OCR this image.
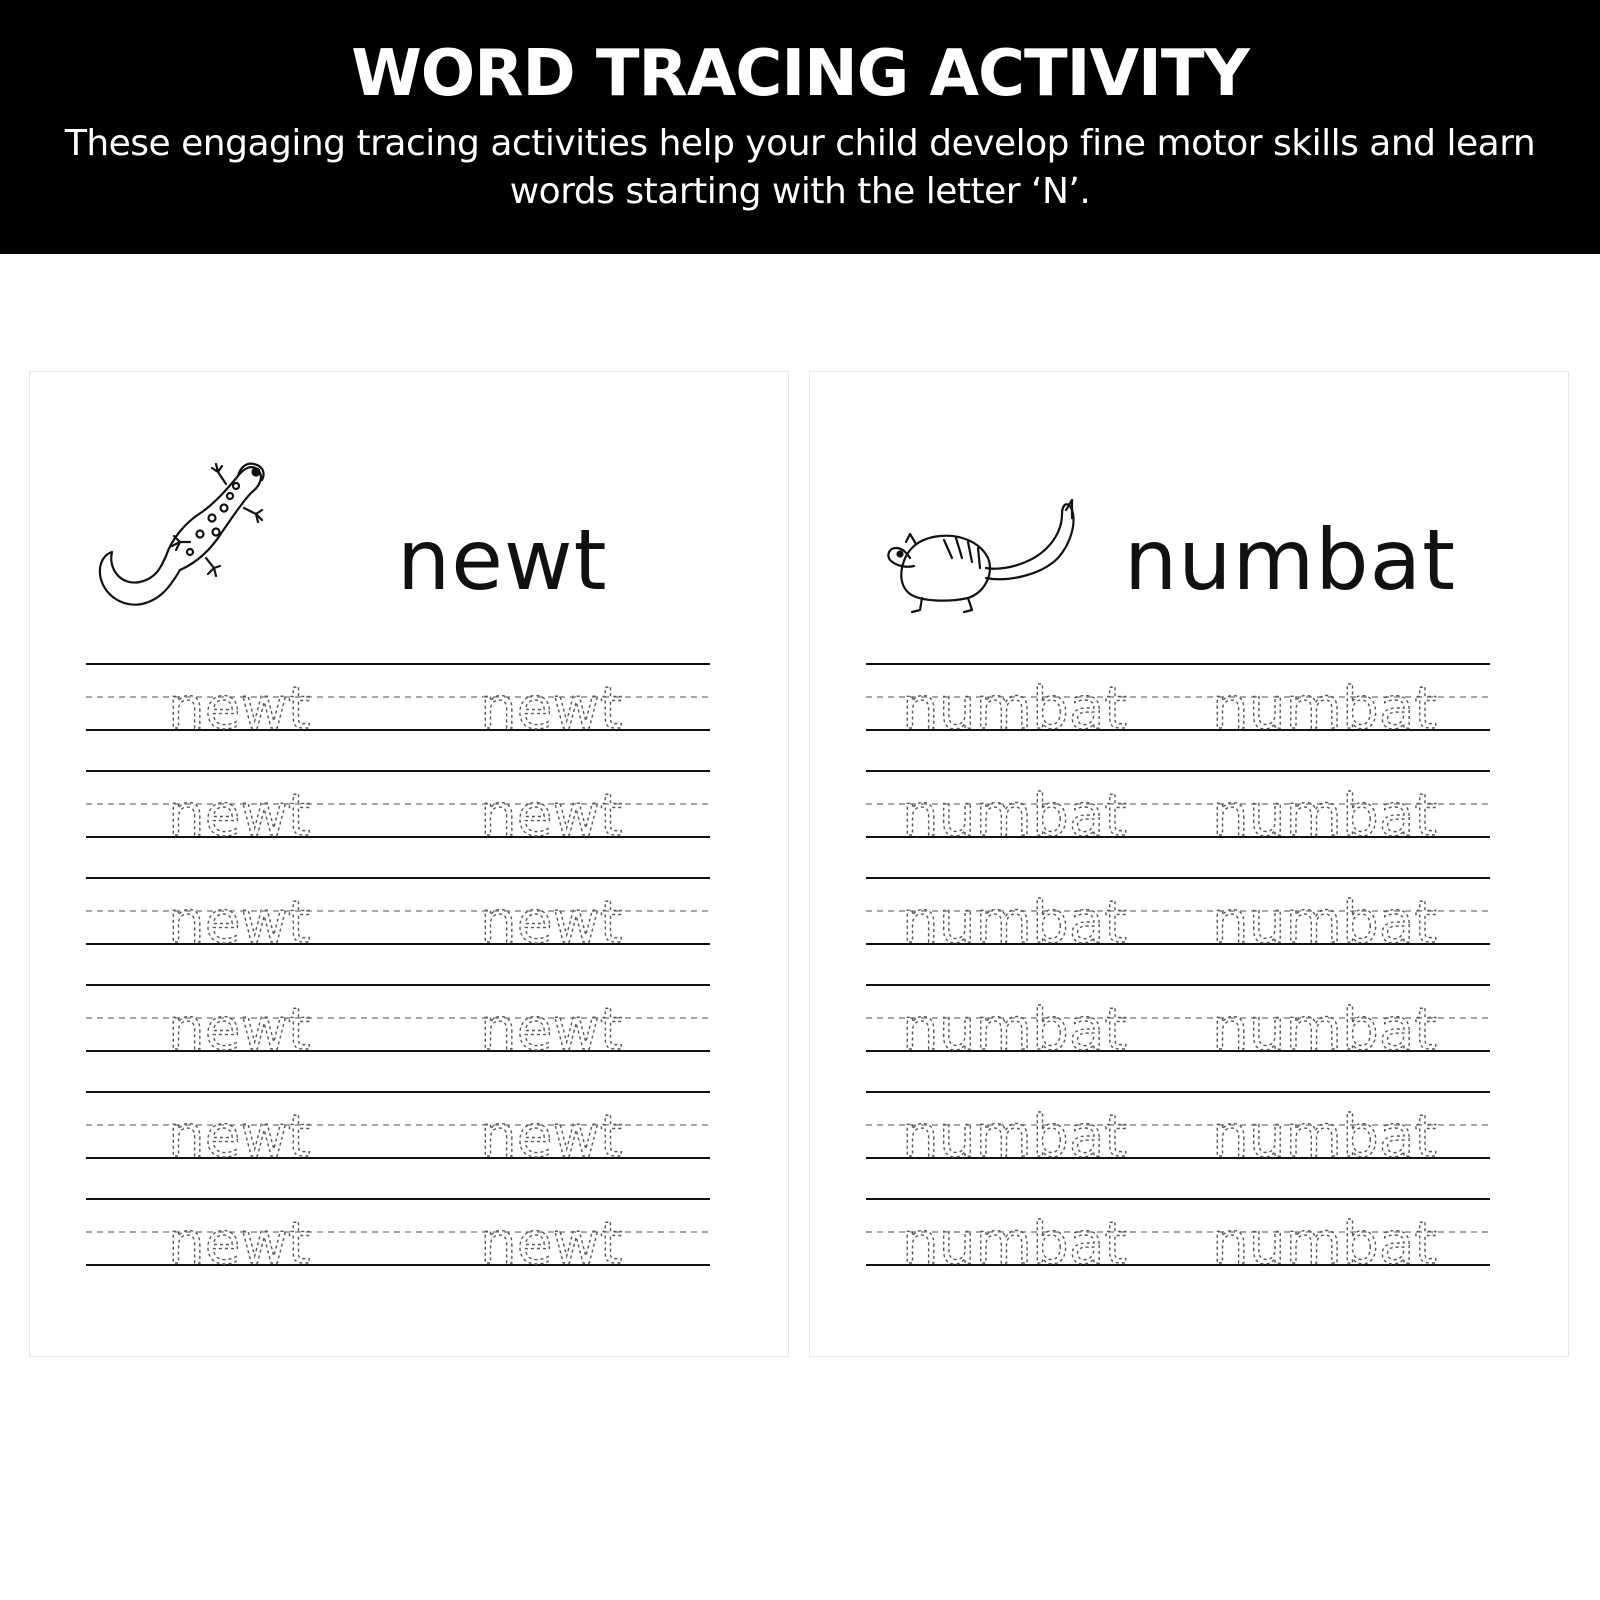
WORD TRACING ACTIVITY
These engaging tracing activities help your child develop fine motor skills and learn words starting with the letter ‘N’.
newt	newt
newt	newt
newt	newt
newt	newt
newt	newt
newt	newt
newt
numbat numbat
numbat numbat
numbat numbat
numbat numbat
numbat numbat
numbat numbat
numbat
